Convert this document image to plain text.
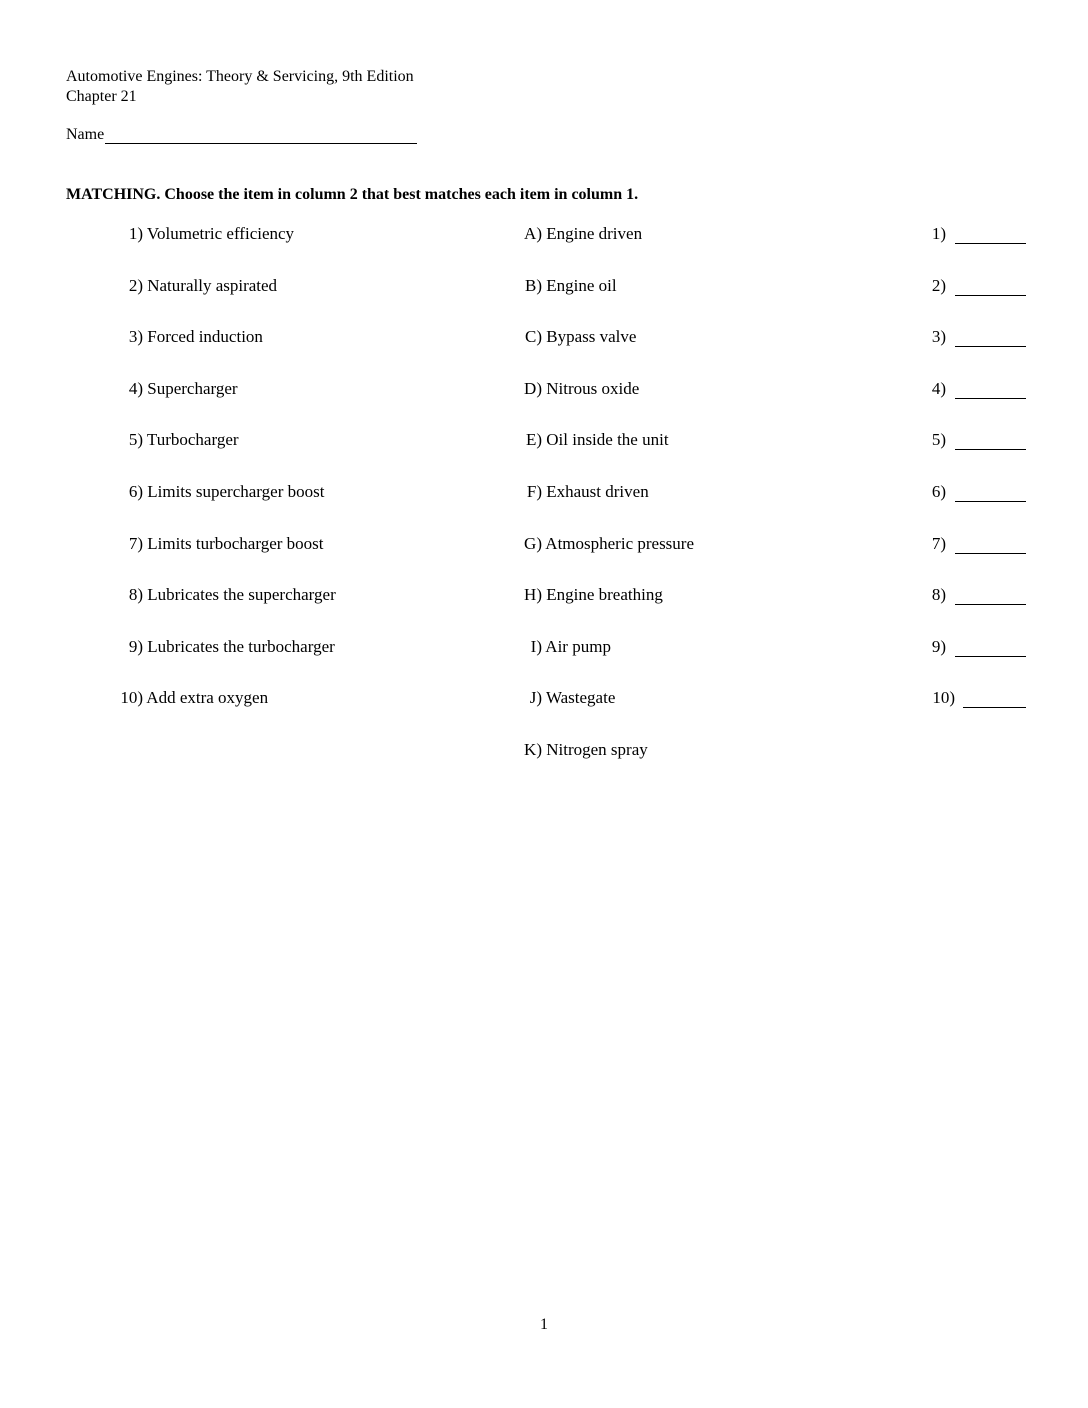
Automotive Engines: Theory & Servicing, 9th Edition
Chapter 21
Name
MATCHING. Choose the item in column 2 that best matches each item in column 1.
1) Volumetric efficiency
2) Naturally aspirated
3) Forced induction
4) Supercharger
5) Turbocharger
6) Limits supercharger boost
7) Limits turbocharger boost
8) Lubricates the supercharger
9) Lubricates the turbocharger
10) Add extra oxygen
A) Engine driven
B) Engine oil
C) Bypass valve
D) Nitrous oxide
E) Oil inside the unit
F) Exhaust driven
G) Atmospheric pressure
H) Engine breathing
I) Air pump
J) Wastegate
K) Nitrogen spray
1)
2)
3)
4)
5)
6)
7)
8)
9)
10)
1
